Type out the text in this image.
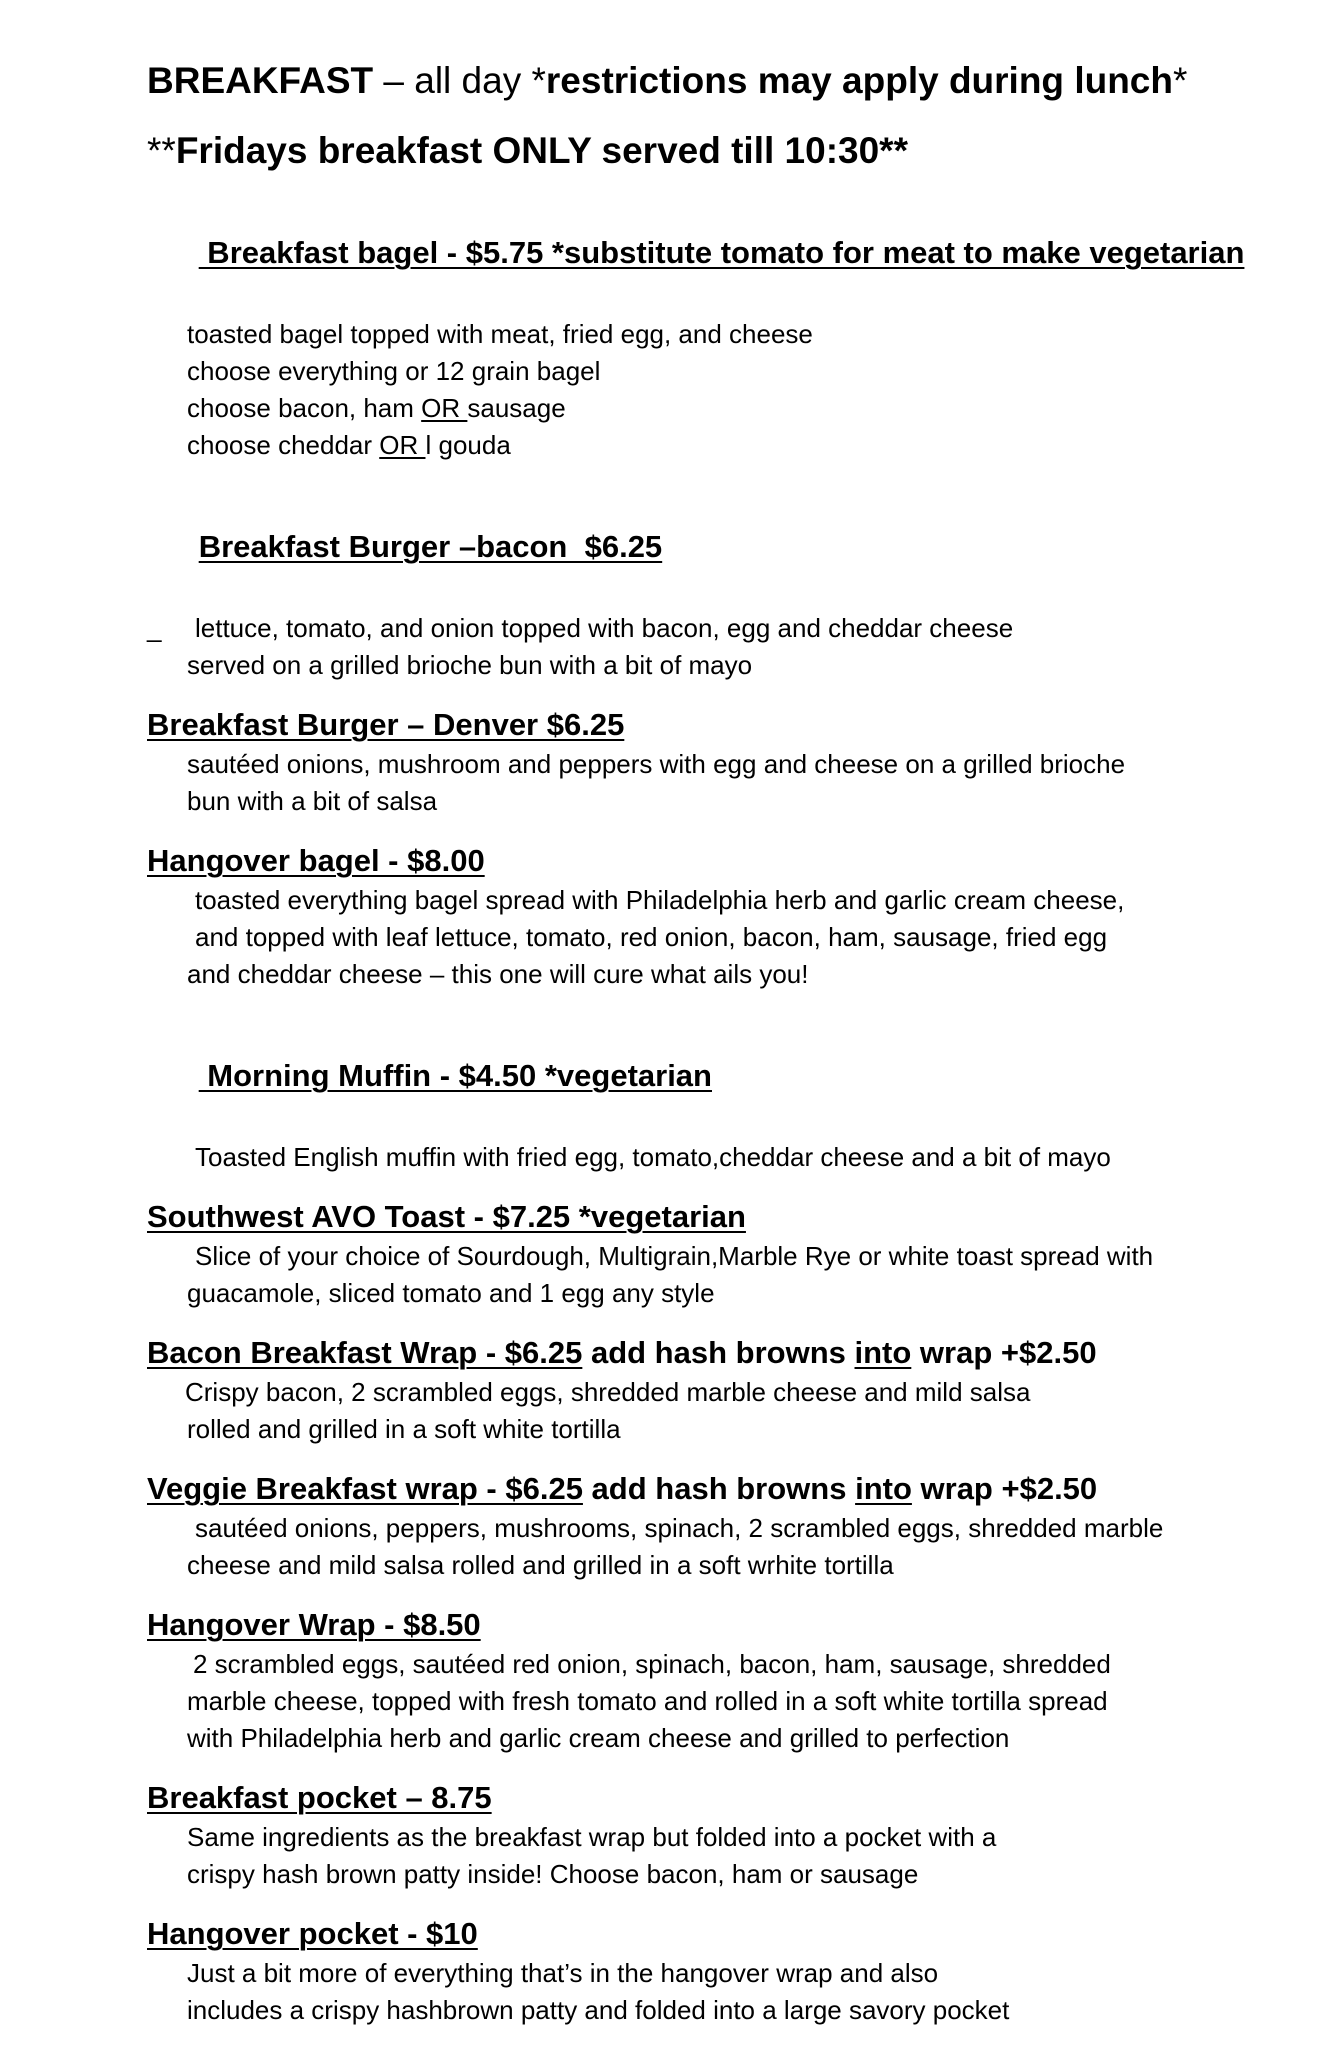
BREAKFAST – all day *restrictions may apply during lunch*
**Fridays breakfast ONLY served till 10:30**

Breakfast bagel - $5.75 *substitute tomato for meat to make vegetarian

toasted bagel topped with meat, fried egg, and cheese
choose everything or 12 grain bagel
choose bacon, ham OR sausage
choose cheddar OR l gouda

Breakfast Burger –bacon  $6.25

_ lettuce, tomato, and onion topped with bacon, egg and cheddar cheese
served on a grilled brioche bun with a bit of mayo
Breakfast Burger – Denver $6.25
sautéed onions, mushroom and peppers with egg and cheese on a grilled brioche
bun with a bit of salsa
Hangover bagel - $8.00
toasted everything bagel spread with Philadelphia herb and garlic cream cheese,
and topped with leaf lettuce, tomato, red onion, bacon, ham, sausage, fried egg
and cheddar cheese – this one will cure what ails you!

Morning Muffin - $4.50 *vegetarian

Toasted English muffin with fried egg, tomato,cheddar cheese and a bit of mayo
Southwest AVO Toast - $7.25 *vegetarian
Slice of your choice of Sourdough, Multigrain,Marble Rye or white toast spread with
guacamole, sliced tomato and 1 egg any style
Bacon Breakfast Wrap - $6.25 add hash browns into wrap +$2.50
Crispy bacon, 2 scrambled eggs, shredded marble cheese and mild salsa
rolled and grilled in a soft white tortilla
Veggie Breakfast wrap - $6.25 add hash browns into wrap +$2.50
sautéed onions, peppers, mushrooms, spinach, 2 scrambled eggs, shredded marble
cheese and mild salsa rolled and grilled in a soft wrhite tortilla
Hangover Wrap - $8.50
2 scrambled eggs, sautéed red onion, spinach, bacon, ham, sausage, shredded
marble cheese, topped with fresh tomato and rolled in a soft white tortilla spread
with Philadelphia herb and garlic cream cheese and grilled to perfection
Breakfast pocket – 8.75
Same ingredients as the breakfast wrap but folded into a pocket with a
crispy hash brown patty inside! Choose bacon, ham or sausage
Hangover pocket - $10
Just a bit more of everything that’s in the hangover wrap and also
includes a crispy hashbrown patty and folded into a large savory pocket
